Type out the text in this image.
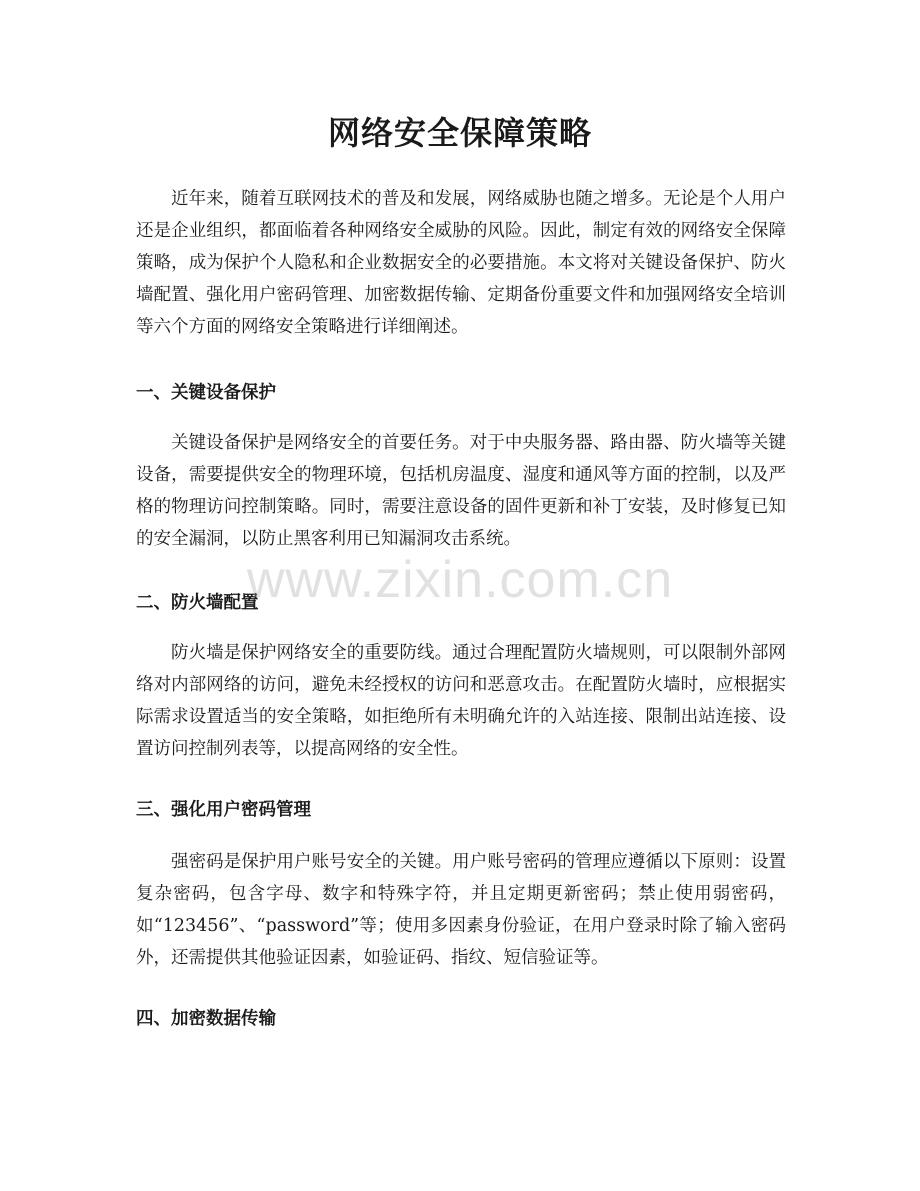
网络安全保障策略

近年来，随着互联网技术的普及和发展，网络威胁也随之增多。无论是个人用户还是企业组织，都面临着各种网络安全威胁的风险。因此，制定有效的网络安全保障策略，成为保护个人隐私和企业数据安全的必要措施。本文将对关键设备保护、防火墙配置、强化用户密码管理、加密数据传输、定期备份重要文件和加强网络安全培训等六个方面的网络安全策略进行详细阐述。

一、关键设备保护

关键设备保护是网络安全的首要任务。对于中央服务器、路由器、防火墙等关键设备，需要提供安全的物理环境，包括机房温度、湿度和通风等方面的控制，以及严格的物理访问控制策略。同时，需要注意设备的固件更新和补丁安装，及时修复已知的安全漏洞，以防止黑客利用已知漏洞攻击系统。

二、防火墙配置

防火墙是保护网络安全的重要防线。通过合理配置防火墙规则，可以限制外部网络对内部网络的访问，避免未经授权的访问和恶意攻击。在配置防火墙时，应根据实际需求设置适当的安全策略，如拒绝所有未明确允许的入站连接、限制出站连接、设置访问控制列表等，以提高网络的安全性。

三、强化用户密码管理

强密码是保护用户账号安全的关键。用户账号密码的管理应遵循以下原则：设置复杂密码，包含字母、数字和特殊字符，并且定期更新密码；禁止使用弱密码，如“123456”、“password”等；使用多因素身份验证，在用户登录时除了输入密码外，还需提供其他验证因素，如验证码、指纹、短信验证等。

四、加密数据传输
www.zixin.com.cn
